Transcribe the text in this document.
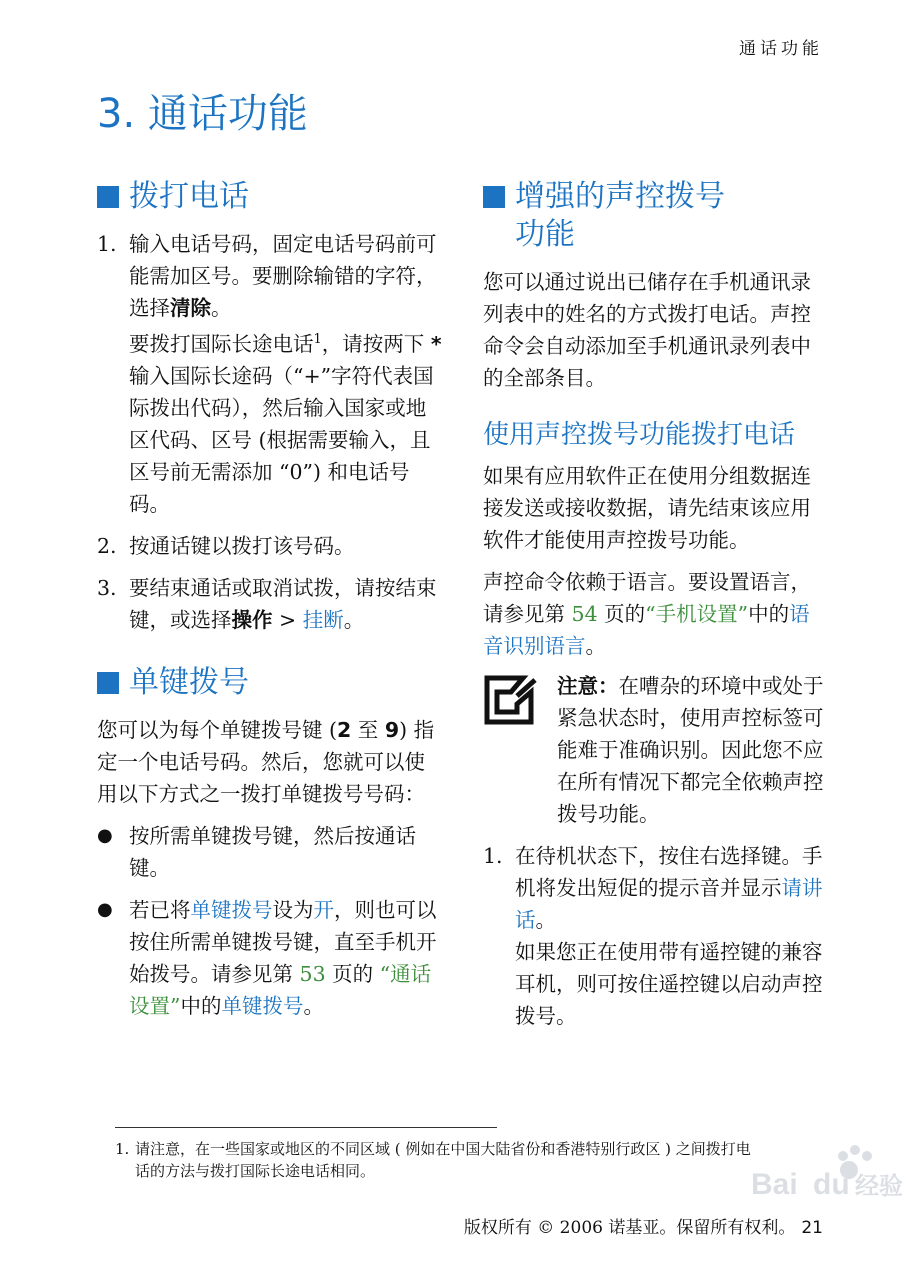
通话功能
3. 通话功能
拨打电话
1. 输入电话号码，固定电话号码前可能需加区号。要删除输错的字符，选择清除。

要拨打国际长途电话$^1$，请按两下 * 输入国际长途码（“+”字符代表国际拨出代码），然后输入国家或地区代码、区号 (根据需要输入，且区号前无需添加 “0”) 和电话号码。

2. 按通话键以拨打该号码。

3. 要结束通话或取消试拨，请按结束键，或选择操作 > 挂断。

单键拨号

您可以为每个单键拨号键 (2 至 9) 指定一个电话号码。然后，您就可以使用以下方式之一拨打单键拨号号码：

● 按所需单键拨号键，然后按通话键。

● 若已将单键拨号设为开，则也可以按住所需单键拨号键，直至手机开始拨号。请参见第 53 页的 “通话设置”中的单键拨号。

增强的声控拨号
功能

您可以通过说出已储存在手机通讯录列表中的姓名的方式拨打电话。声控命令会自动添加至手机通讯录列表中的全部条目。

使用声控拨号功能拨打电话

如果有应用软件正在使用分组数据连接发送或接收数据，请先结束该应用软件才能使用声控拨号功能。

声控命令依赖于语言。要设置语言，请参见第 54 页的“手机设置”中的语音识别语言。

注意：在嘈杂的环境中或处于紧急状态时，使用声控标签可能难于准确识别。因此您不应在所有情况下都完全依赖声控拨号功能。

1. 在待机状态下，按住右选择键。手机将发出短促的提示音并显示请讲话。

如果您正在使用带有遥控键的兼容耳机，则可按住遥控键以启动声控拨号。

1. 请注意，在一些国家或地区的不同区域 ( 例如在中国大陆省份和香港特别行政区 ) 之间拨打电话的方法与拨打国际长途电话相同。	Bai du 经验
版权所有 © 2006 诺基亚。保留所有权利。 21
